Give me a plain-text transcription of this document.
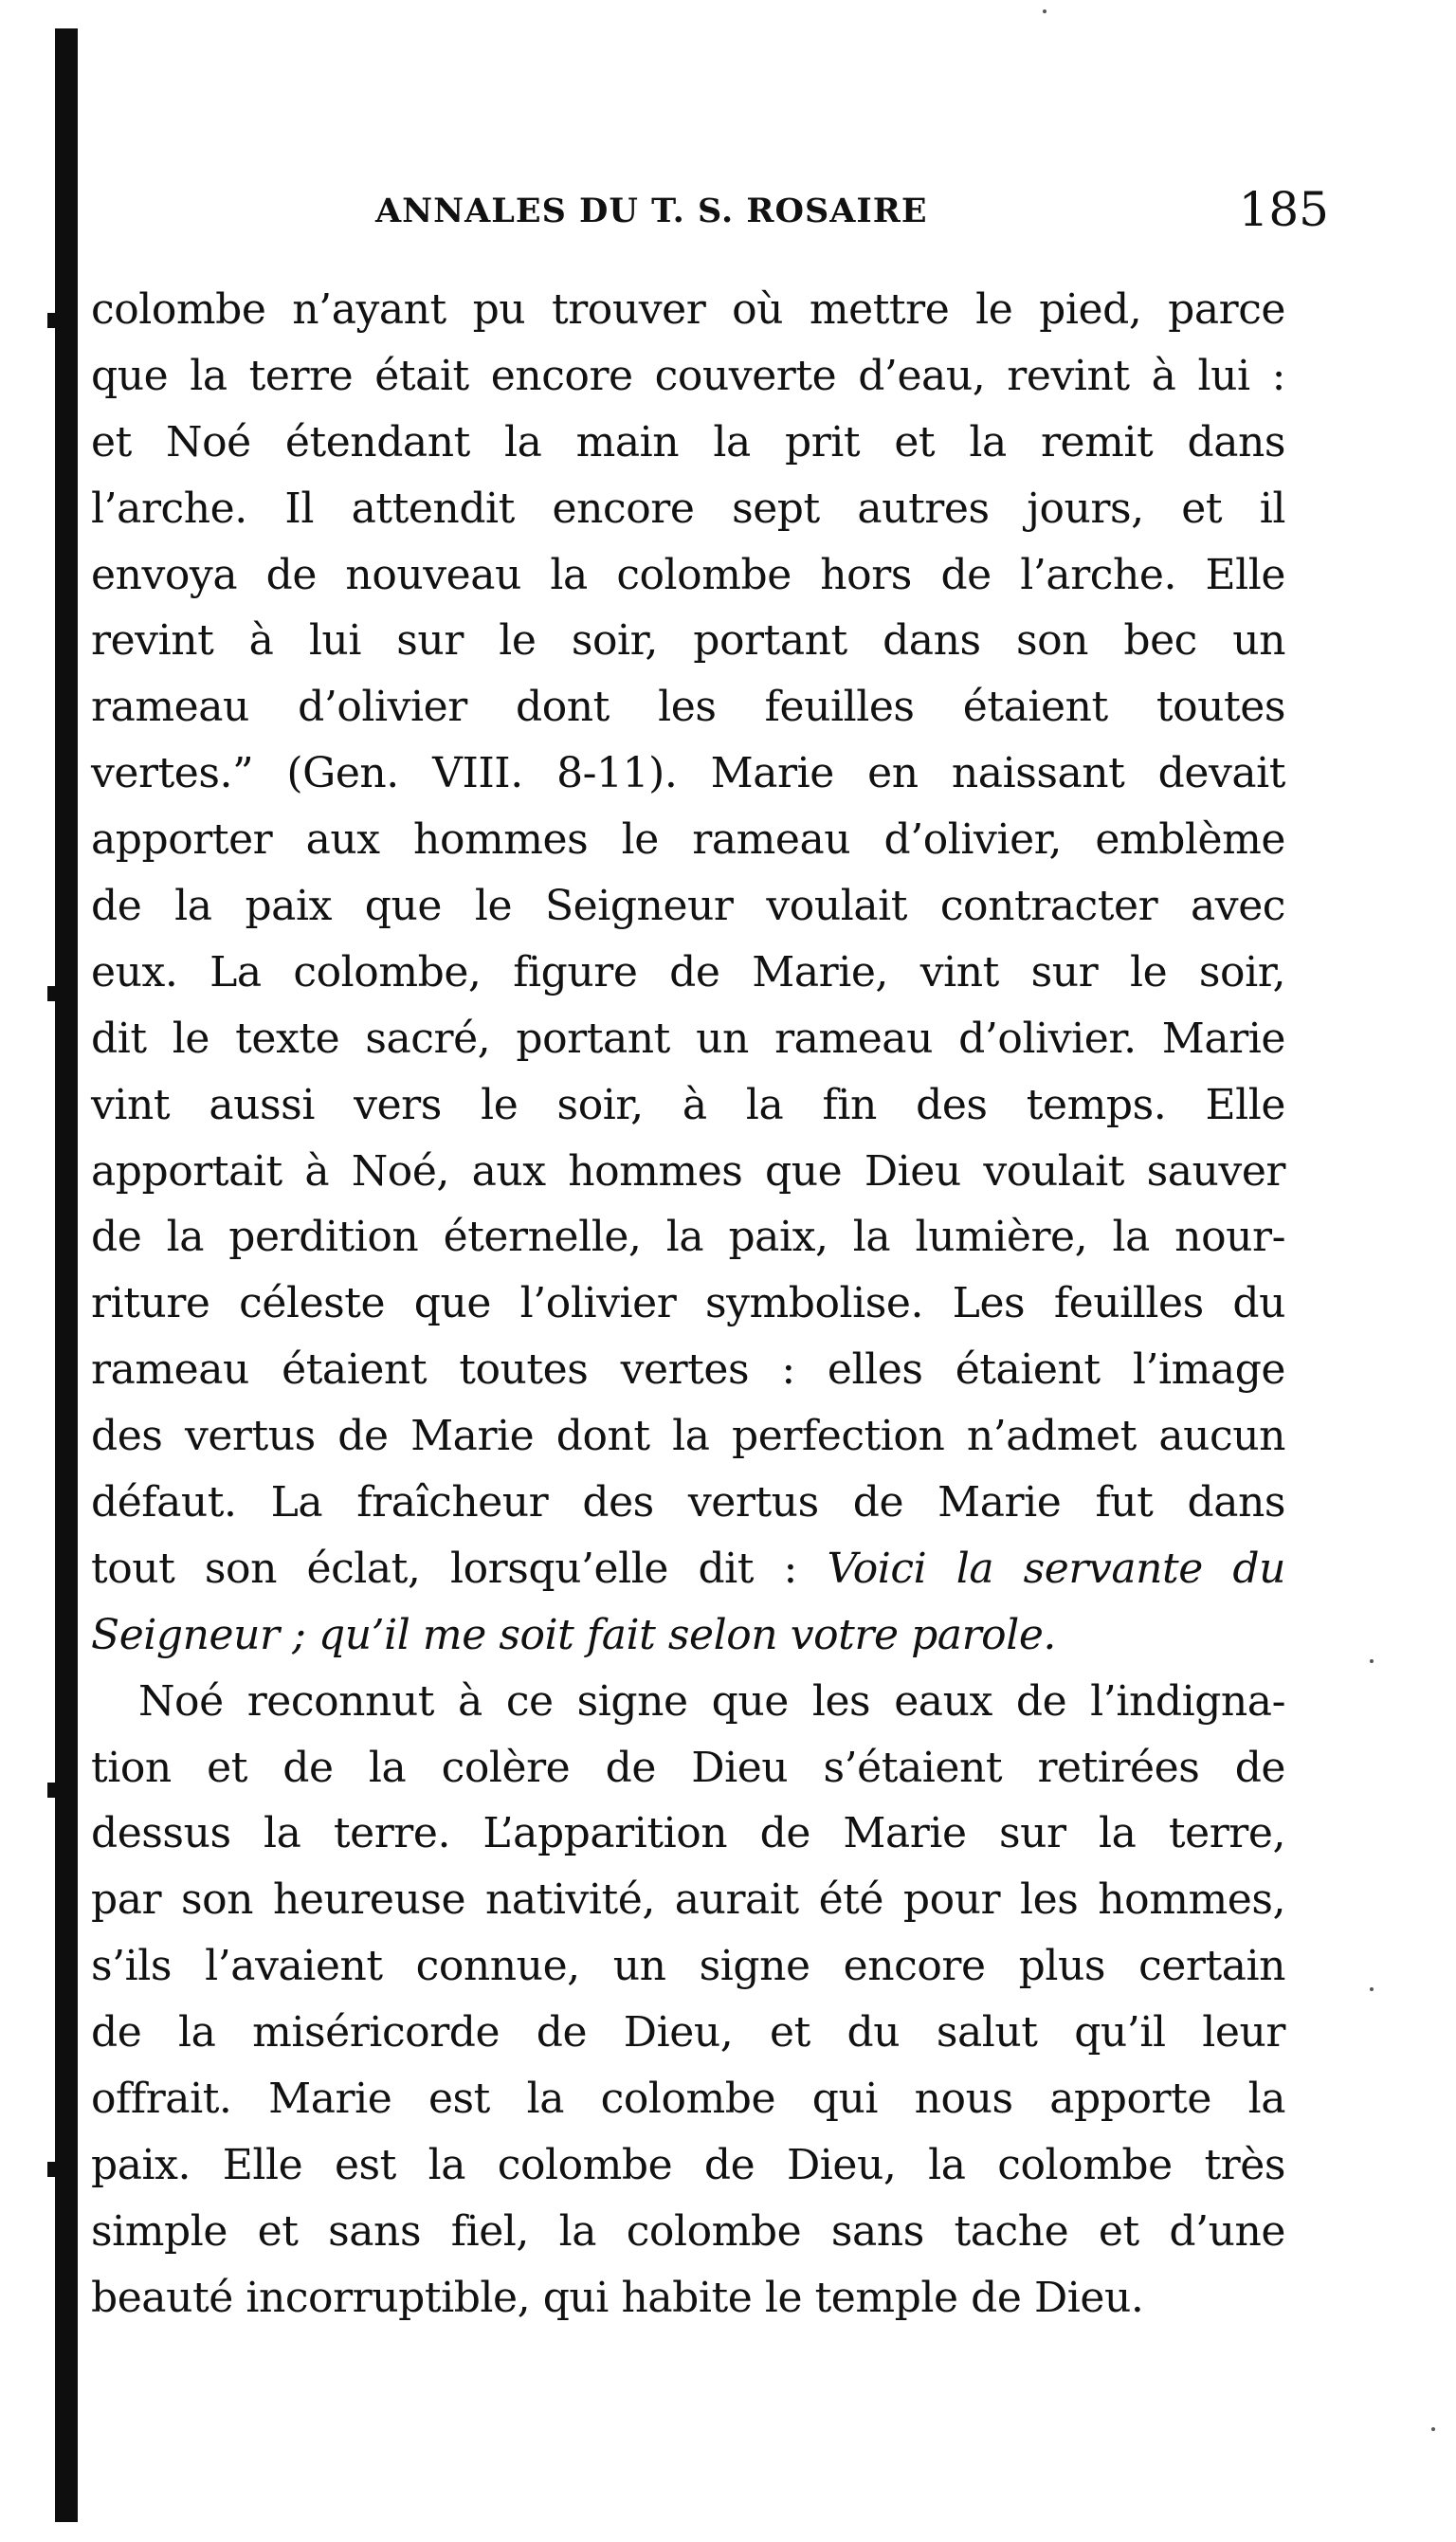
ANNALES DU T. S. ROSAIRE	185
colombe n’ayant pu trouver où mettre le pied, parce
que la terre était encore couverte d’eau, revint à lui :
et Noé étendant la main la prit et la remit dans
l’arche. Il attendit encore sept autres jours, et il
envoya de nouveau la colombe hors de l’arche. Elle
revint à lui sur le soir, portant dans son bec un
rameau d’olivier dont les feuilles étaient toutes
vertes.” (Gen. VIII. 8-11). Marie en naissant devait
apporter aux hommes le rameau d’olivier, emblème
de la paix que le Seigneur voulait contracter avec
eux. La colombe, figure de Marie, vint sur le soir,
dit le texte sacré, portant un rameau d’olivier. Marie
vint aussi vers le soir, à la fin des temps. Elle
apportait à Noé, aux hommes que Dieu voulait sauver
de la perdition éternelle, la paix, la lumière, la nour-
riture céleste que l’olivier symbolise. Les feuilles du
rameau étaient toutes vertes : elles étaient l’image
des vertus de Marie dont la perfection n’admet aucun
défaut. La fraîcheur des vertus de Marie fut dans
tout son éclat, lorsqu’elle dit : Voici la servante du
Seigneur ; qu’il me soit fait selon votre parole.
Noé reconnut à ce signe que les eaux de l’indigna-
tion et de la colère de Dieu s’étaient retirées de
dessus la terre. L’apparition de Marie sur la terre,
par son heureuse nativité, aurait été pour les hommes,
s’ils l’avaient connue, un signe encore plus certain
de la miséricorde de Dieu, et du salut qu’il leur
offrait. Marie est la colombe qui nous apporte la
paix. Elle est la colombe de Dieu, la colombe très
simple et sans fiel, la colombe sans tache et d’une
beauté incorruptible, qui habite le temple de Dieu.
